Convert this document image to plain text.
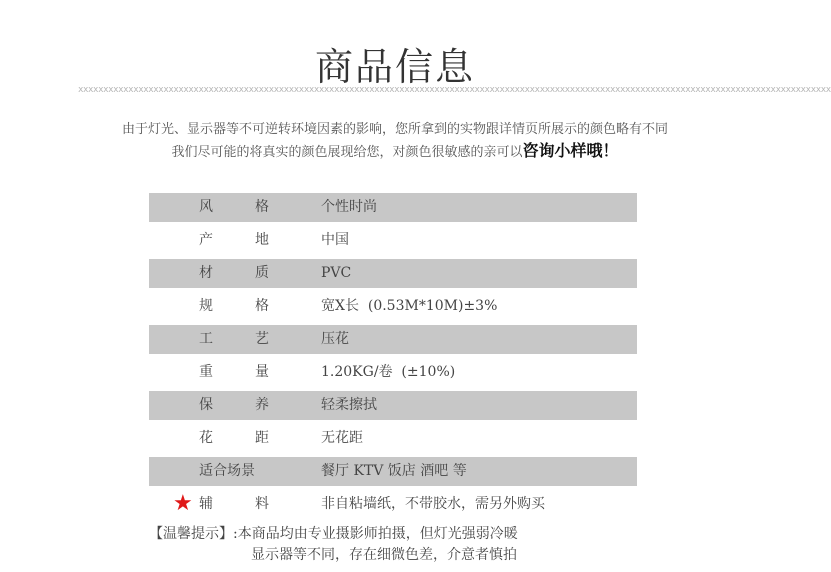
商品信息
xxxxxxxxxxxxxxxxxxxxxxxxxxxxxxxxxxxxxxxxxxxxxxxxxxxxxxxxxxxxxxxxxxxxxxxxxxxxxxxxxxxxxxxxxxxxxxxxxxxxxxxxxxxxxxxxxxxxxxxxxxxxxxxxxxxxxxxxxxxxxxxxxxxxxx
由于灯光、显示器等不可逆转环境因素的影响，您所拿到的实物跟详情页所展示的颜色略有不同
我们尽可能的将真实的颜色展现给您，对颜色很敏感的亲可以咨询小样哦！
风	格	个性时尚
产	地	中国
材	质	PVC
规	格	宽X长  (0.53M*10M)±3%
工	艺	压花
重	量	1.20KG/卷  (±10%)
保	养	轻柔擦拭
花	距	无花距
适合场景	餐厅 KTV 饭店 酒吧 等
★ 辅	料	非自粘墙纸，不带胶水，需另外购买
【温馨提示】:本商品均由专业摄影师拍摄，但灯光强弱冷暖
显示器等不同，存在细微色差，介意者慎拍
